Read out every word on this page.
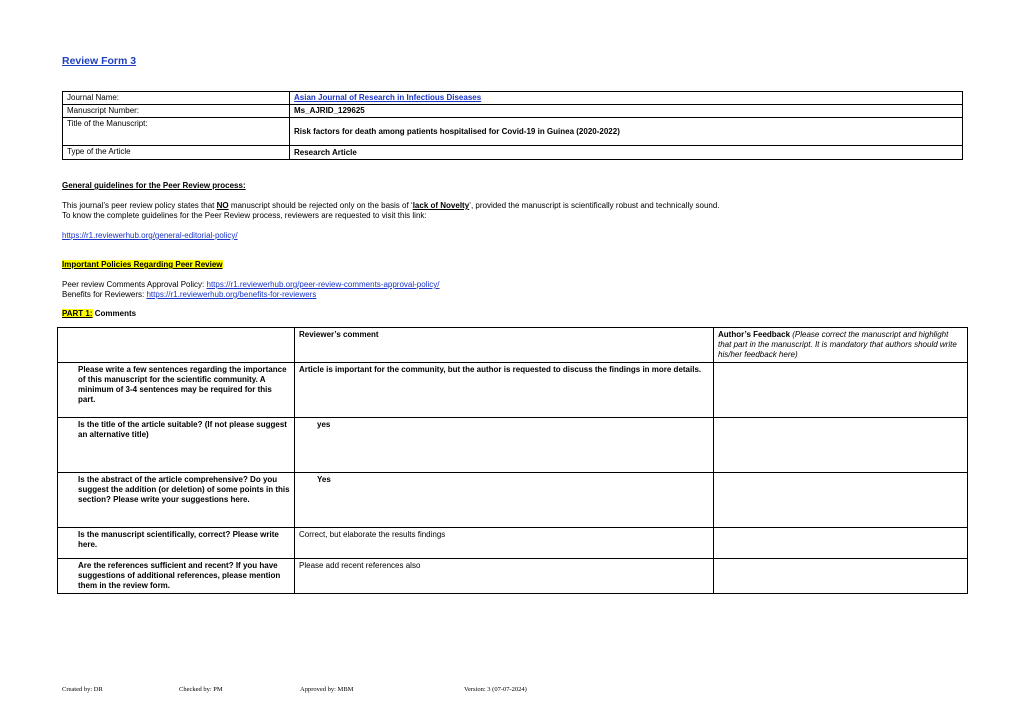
Review Form 3
Journal Name:	Asian Journal of Research in Infectious Diseases
Manuscript Number:	Ms_AJRID_129625
Title of the Manuscript:	Risk factors for death among patients hospitalised for Covid-19 in Guinea (2020-2022)
Type of the Article	Research Article
General guidelines for the Peer Review process:
This journal’s peer review policy states that NO manuscript should be rejected only on the basis of ‘lack of Novelty’, provided the manuscript is scientifically robust and technically sound.
To know the complete guidelines for the Peer Review process, reviewers are requested to visit this link:
https://r1.reviewerhub.org/general-editorial-policy/
Important Policies Regarding Peer Review
Peer review Comments Approval Policy: https://r1.reviewerhub.org/peer-review-comments-approval-policy/
Benefits for Reviewers: https://r1.reviewerhub.org/benefits-for-reviewers
PART 1: Comments
	Reviewer’s comment	Author’s Feedback (Please correct the manuscript and highlight that part in the manuscript. It is mandatory that authors should write his/her feedback here)
Please write a few sentences regarding the importance of this manuscript for the scientific community. A minimum of 3-4 sentences may be required for this part.	Article is important for the community, but the author is requested to discuss the findings in more details.	
Is the title of the article suitable? (If not please suggest an alternative title)	yes	
Is the abstract of the article comprehensive? Do you suggest the addition (or deletion) of some points in this section? Please write your suggestions here.	Yes	
Is the manuscript scientifically, correct? Please write here.	Correct, but elaborate the results findings	
Are the references sufficient and recent? If you have suggestions of additional references, please mention them in the review form.	Please add recent references also	
Created by: DR	Checked by: PM	Approved by: MBM	Version: 3 (07-07-2024)
